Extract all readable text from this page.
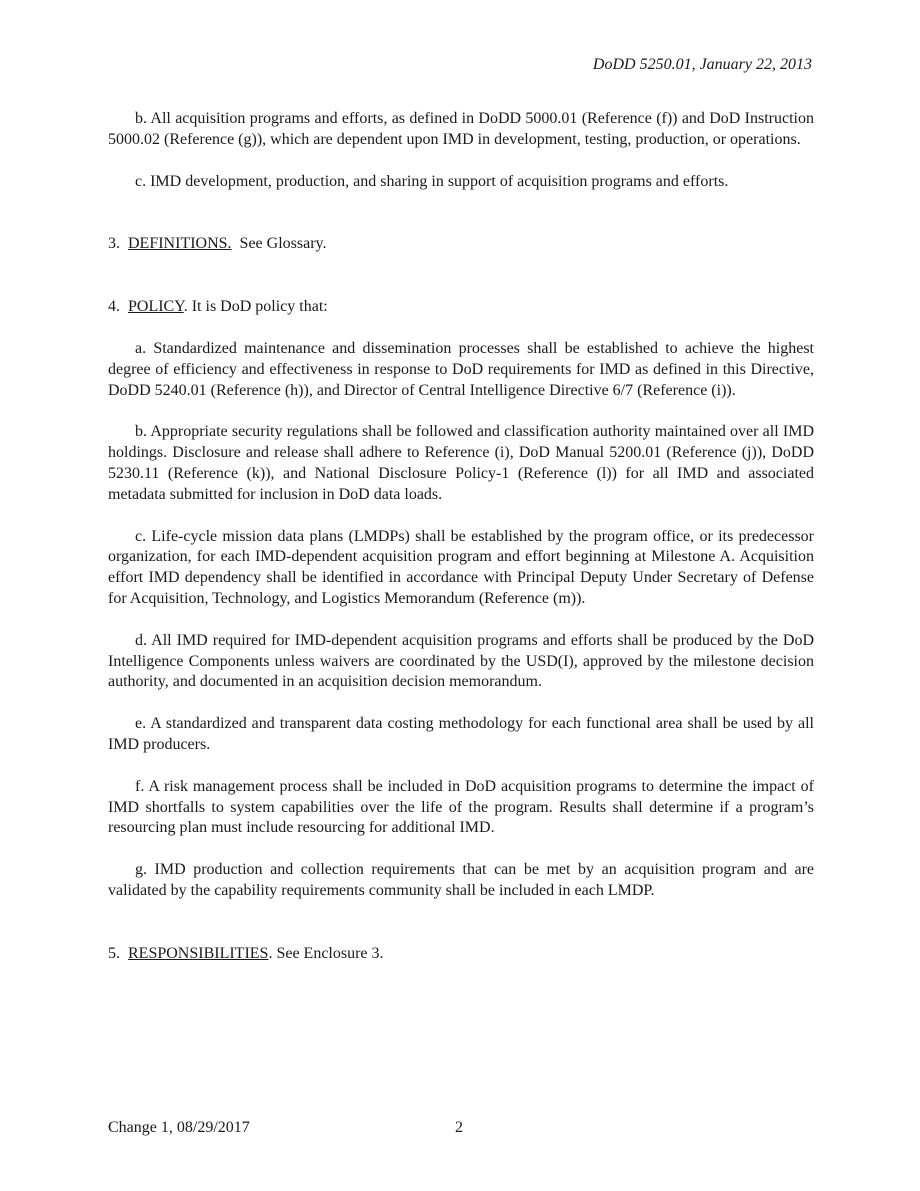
DoDD 5250.01, January 22, 2013

b. All acquisition programs and efforts, as defined in DoDD 5000.01 (Reference (f)) and DoD Instruction 5000.02 (Reference (g)), which are dependent upon IMD in development, testing, production, or operations.

c. IMD development, production, and sharing in support of acquisition programs and efforts.

3. DEFINITIONS. See Glossary.
4. POLICY. It is DoD policy that:

a. Standardized maintenance and dissemination processes shall be established to achieve the highest degree of efficiency and effectiveness in response to DoD requirements for IMD as defined in this Directive, DoDD 5240.01 (Reference (h)), and Director of Central Intelligence Directive 6/7 (Reference (i)).

b. Appropriate security regulations shall be followed and classification authority maintained over all IMD holdings. Disclosure and release shall adhere to Reference (i), DoD Manual 5200.01 (Reference (j)), DoDD 5230.11 (Reference (k)), and National Disclosure Policy-1 (Reference (l)) for all IMD and associated metadata submitted for inclusion in DoD data loads.

c. Life-cycle mission data plans (LMDPs) shall be established by the program office, or its predecessor organization, for each IMD-dependent acquisition program and effort beginning at Milestone A. Acquisition effort IMD dependency shall be identified in accordance with Principal Deputy Under Secretary of Defense for Acquisition, Technology, and Logistics Memorandum (Reference (m)).

d. All IMD required for IMD-dependent acquisition programs and efforts shall be produced by the DoD Intelligence Components unless waivers are coordinated by the USD(I), approved by the milestone decision authority, and documented in an acquisition decision memorandum.

e. A standardized and transparent data costing methodology for each functional area shall be used by all IMD producers.

f. A risk management process shall be included in DoD acquisition programs to determine the impact of IMD shortfalls to system capabilities over the life of the program. Results shall determine if a program’s resourcing plan must include resourcing for additional IMD.

g. IMD production and collection requirements that can be met by an acquisition program and are validated by the capability requirements community shall be included in each LMDP.

5. RESPONSIBILITIES. See Enclosure 3.
Change 1, 08/29/2017	2
